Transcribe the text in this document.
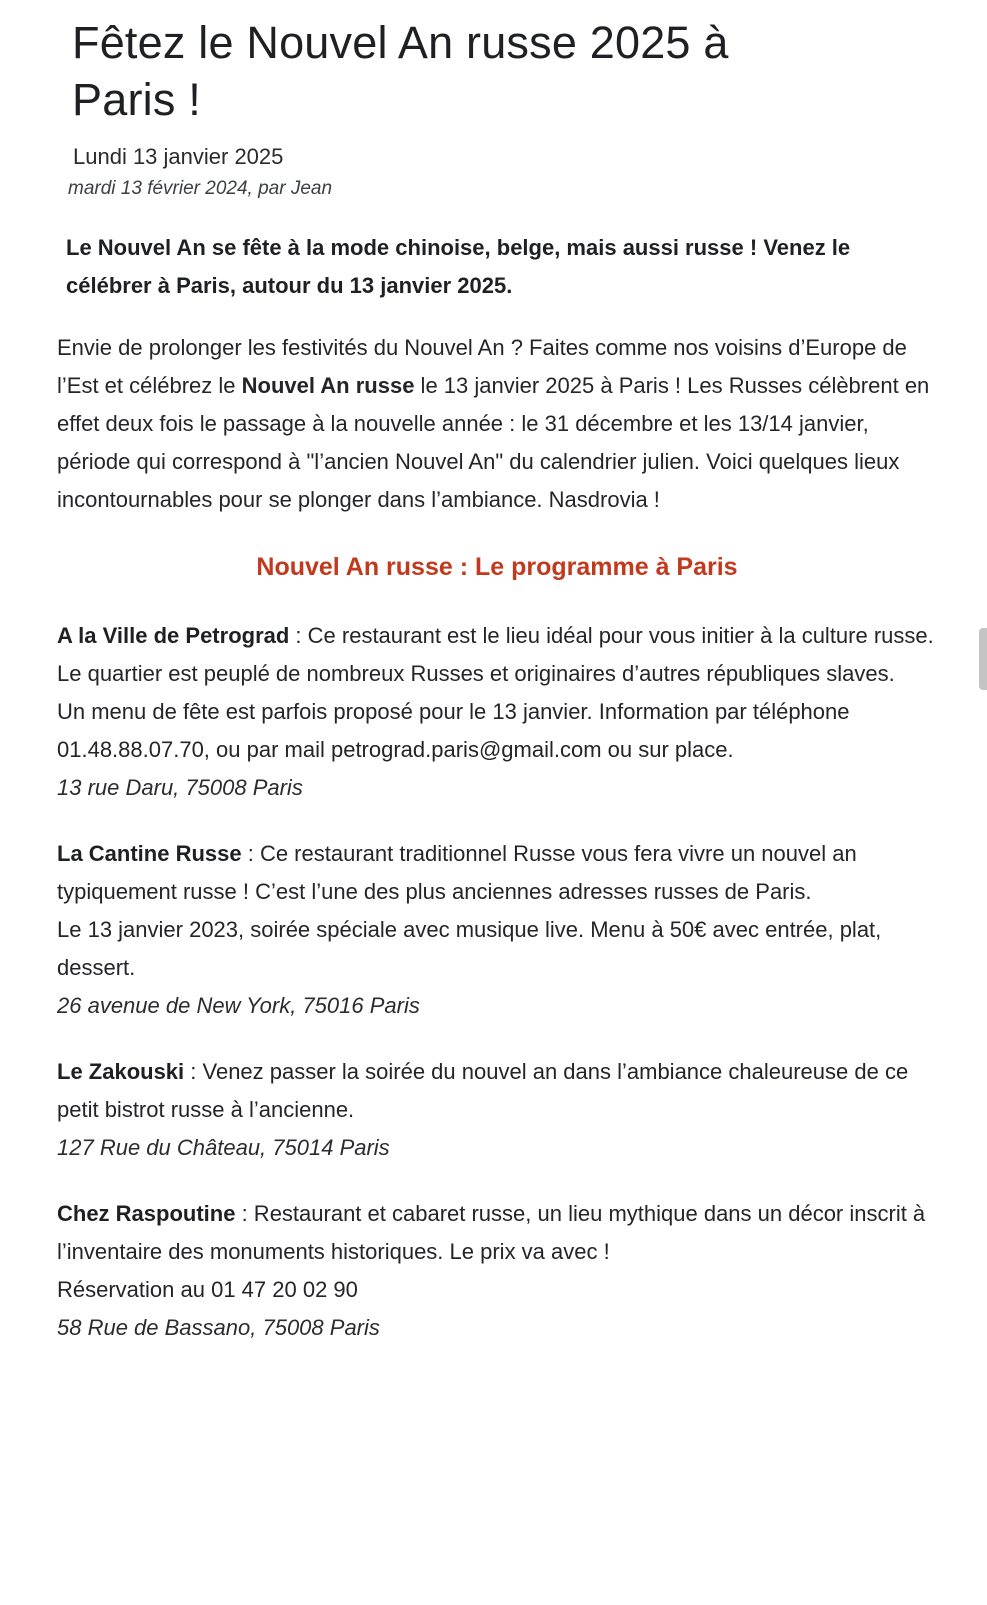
Fêtez le Nouvel An russe 2025 à
Paris !
Lundi 13 janvier 2025
mardi 13 février 2024, par Jean

Le Nouvel An se fête à la mode chinoise, belge, mais aussi russe ! Venez le célébrer à Paris, autour du 13 janvier 2025.

Envie de prolonger les festivités du Nouvel An ? Faites comme nos voisins d’Europe de l’Est et célébrez le Nouvel An russe le 13 janvier 2025 à Paris ! Les Russes célèbrent en effet deux fois le passage à la nouvelle année : le 31 décembre et les 13/14 janvier, période qui correspond à "l’ancien Nouvel An" du calendrier julien. Voici quelques lieux incontournables pour se plonger dans l’ambiance. Nasdrovia !

Nouvel An russe : Le programme à Paris

A la Ville de Petrograd : Ce restaurant est le lieu idéal pour vous initier à la culture russe. Le quartier est peuplé de nombreux Russes et originaires d’autres républiques slaves.
Un menu de fête est parfois proposé pour le 13 janvier. Information par téléphone 01.48.88.07.70, ou par mail petrograd.paris@gmail.com ou sur place.
13 rue Daru, 75008 Paris

La Cantine Russe : Ce restaurant traditionnel Russe vous fera vivre un nouvel an typiquement russe ! C’est l’une des plus anciennes adresses russes de Paris.
Le 13 janvier 2023, soirée spéciale avec musique live. Menu à 50€ avec entrée, plat, dessert.
26 avenue de New York, 75016 Paris

Le Zakouski : Venez passer la soirée du nouvel an dans l’ambiance chaleureuse de ce petit bistrot russe à l’ancienne.
127 Rue du Château, 75014 Paris

Chez Raspoutine : Restaurant et cabaret russe, un lieu mythique dans un décor inscrit à l’inventaire des monuments historiques. Le prix va avec !
Réservation au 01 47 20 02 90
58 Rue de Bassano, 75008 Paris
